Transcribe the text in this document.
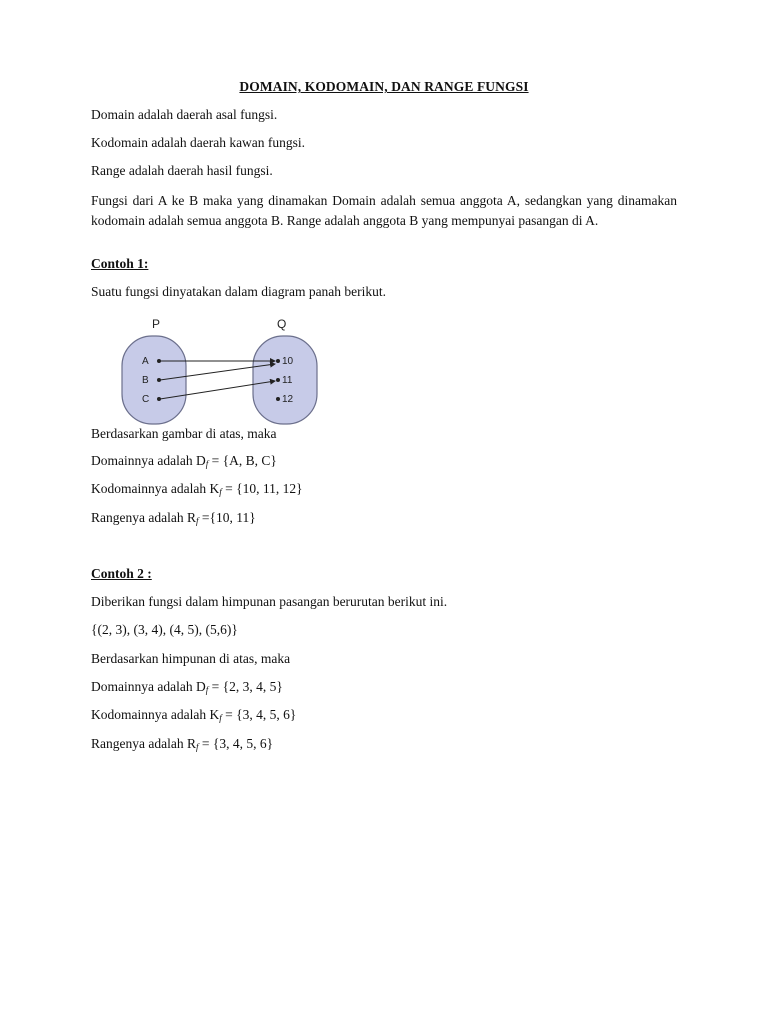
DOMAIN, KODOMAIN, DAN RANGE FUNGSI
Domain adalah daerah asal fungsi.
Kodomain adalah daerah kawan fungsi.
Range adalah daerah hasil fungsi.
Fungsi dari A ke B maka yang dinamakan Domain adalah semua anggota A, sedangkan yang dinamakan kodomain adalah semua anggota B. Range adalah anggota B yang mempunyai pasangan di A.
Contoh 1:
Suatu fungsi dinyatakan dalam diagram panah berikut.
P	Q
A
B
C
10
11
12
Berdasarkan gambar di atas, maka
Domainnya adalah $D_f = \{A$, B, C}
Kodomainnya adalah $K_f = \{10$, 11, 12}
Rangenya adalah $R_f =\{10$, 11}
Contoh 2 :
Diberikan fungsi dalam himpunan pasangan berurutan berikut ini.
{(2, 3), (3, 4), (4, 5), (5,6)}
Berdasarkan himpunan di atas, maka
Domainnya adalah $D_f = \{2$, 3, 4, 5}
Kodomainnya adalah $K_f = \{3$, 4, 5, 6}
Rangenya adalah $R_f = \{3$, 4, 5, 6}
